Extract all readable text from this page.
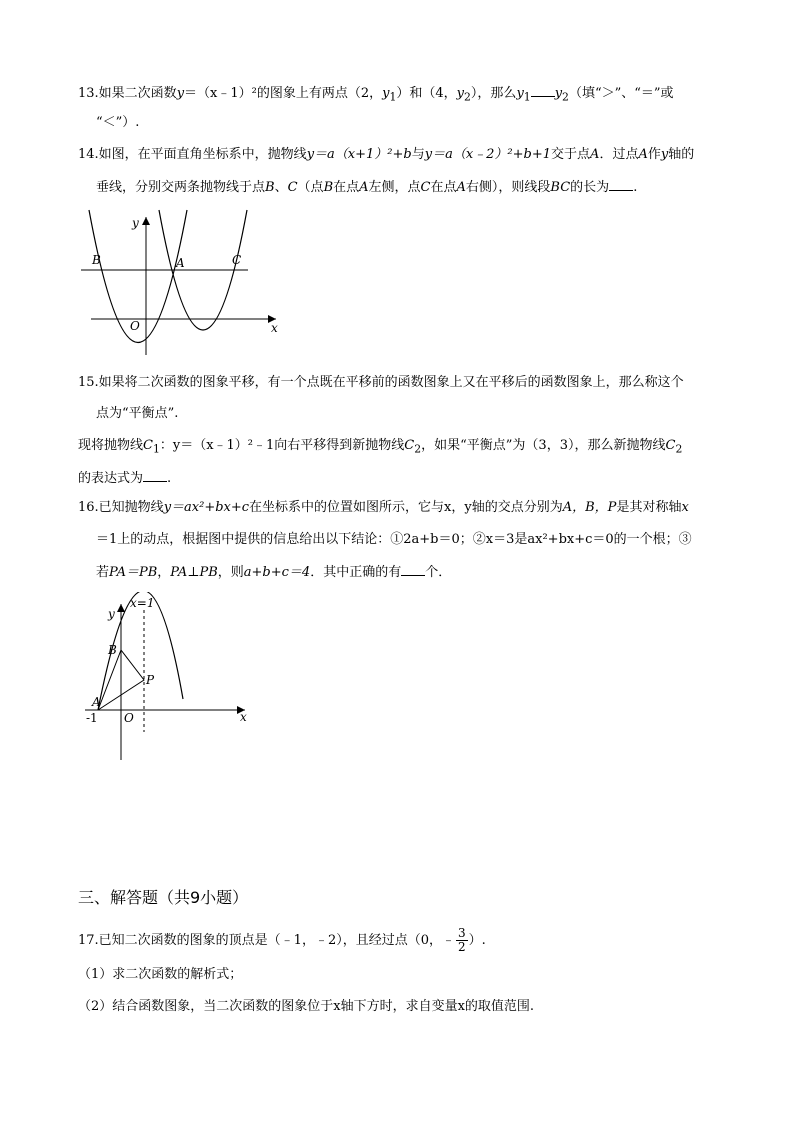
13.如果二次函数y＝（x﹣1）²的图象上有两点（2，$y_1$）和（4，$y_2$），那么$y_1$ $y_2$（填“＞”、“＝”或
“＜”）.
14.如图，在平面直角坐标系中，抛物线y＝a（x+1）²+b与y＝a（x﹣2）²+b+1交于点A．过点A作y轴的
垂线，分别交两条抛物线于点B、C（点B在点A左侧，点C在点A右侧），则线段BC的长为 .
y
x
B	A	C
O
15.如果将二次函数的图象平移，有一个点既在平移前的函数图象上又在平移后的函数图象上，那么称这个
点为“平衡点”.
现将抛物线$C_1$：y＝（x﹣1）²﹣1向右平移得到新抛物线$C_2$，如果“平衡点”为（3，3），那么新抛物线$C_2$
的表达式为 .
16.已知抛物线y＝ax²+bx+c在坐标系中的位置如图所示，它与x，y轴的交点分别为A，B，P是其对称轴x
＝1上的动点，根据图中提供的信息给出以下结论：①2a+b＝0；②x＝3是ax²+bx+c＝0的一个根；③
若PA＝PB，PA⊥PB，则a+b+c＝4．其中正确的有 个．
x=1
y
x
B
P
A
-1 O
三、解答题（共9小题）
17.已知二次函数的图象的顶点是（﹣1，﹣2），且经过点（0，﹣ $\frac{3}{2}$ ）.
（1）求二次函数的解析式；
（2）结合函数图象，当二次函数的图象位于x轴下方时，求自变量x的取值范围.
